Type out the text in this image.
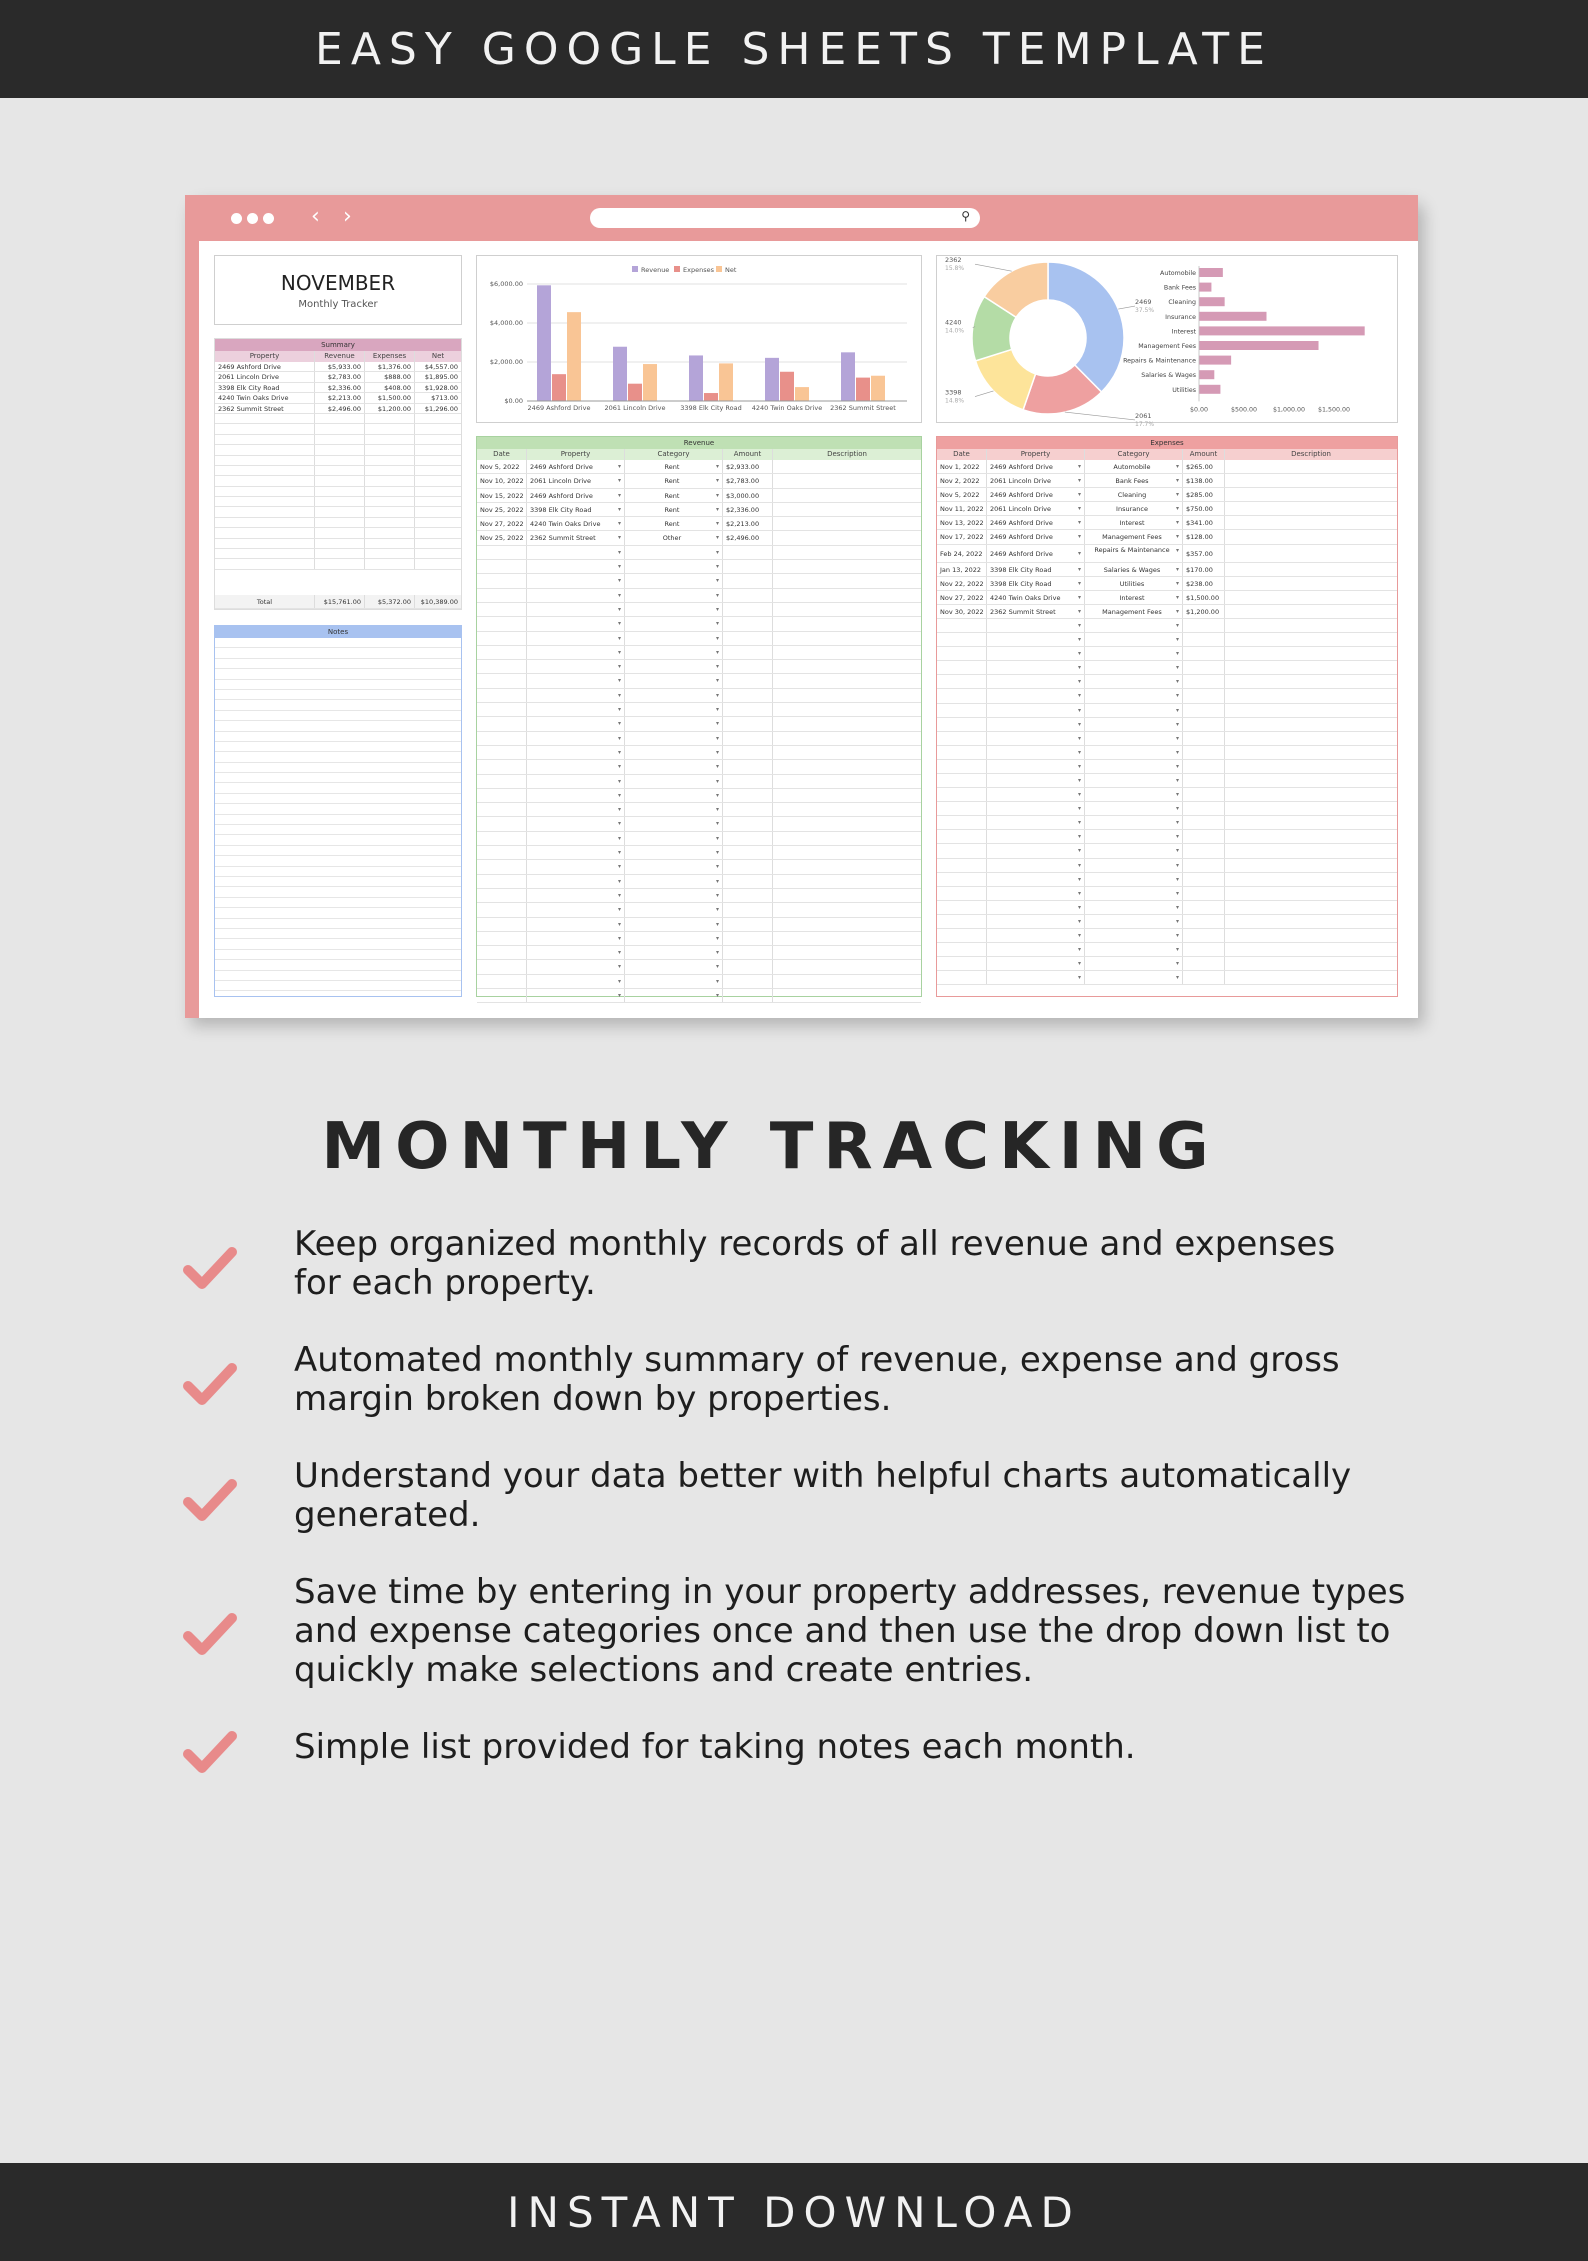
EASY GOOGLE SHEETS TEMPLATE
‹ ›	⚲
NOVEMBER
Monthly Tracker
Summary
Property	Revenue	Expenses	Net
2469 Ashford Drive	$5,933.00	$1,376.00	$4,557.00
2061 Lincoln Drive	$2,783.00	$888.00	$1,895.00
3398 Elk City Road	$2,336.00	$408.00	$1,928.00
4240 Twin Oaks Drive	$2,213.00	$1,500.00	$713.00
2362 Summit Street	$2,496.00	$1,200.00	$1,296.00
Total	$15,761.00	$5,372.00	$10,389.00
Notes
Revenue Expenses Net
$6,000.00
$4,000.00
$2,000.00
$0.00
2469 Ashford Drive 2061 Lincoln Drive 3398 Elk City Road 4240 Twin Oaks Drive 2362 Summit Street
2469
37.5%
2061
17.7%
3398
14.8%
4240
14.0%
2362
15.8%
Automobile
Bank Fees
Cleaning
Insurance
Interest
Management Fees
Repairs & Maintenance
Salaries & Wages
Utilities
$0.00	$500.00	$1,000.00 $1,500.00
Revenue
Date	Property	Category	Amount	Description
Nov 5, 2022	2469 Ashford Drive	▾	Rent	▾	$2,933.00
Nov 10, 2022 2061 Lincoln Drive	▾	Rent	▾	$2,783.00
Nov 15, 2022 2469 Ashford Drive	▾	Rent	▾	$3,000.00
Nov 25, 2022 3398 Elk City Road	▾	Rent	▾	$2,336.00
Nov 27, 2022 4240 Twin Oaks Drive	▾	Rent	▾	$2,213.00
Nov 25, 2022 2362 Summit Street	▾	Other	▾	$2,496.00
▾	▾
▾	▾
▾	▾
▾	▾
▾	▾
▾	▾
▾	▾
▾	▾
▾	▾
▾	▾
▾	▾
▾	▾
▾	▾
▾	▾
▾	▾
▾	▾
▾	▾
▾	▾
▾	▾
▾	▾
▾	▾
▾	▾
▾	▾
▾	▾
▾	▾
▾	▾
▾	▾
▾	▾
▾	▾
▾	▾
▾	▾
▾	▾
Expenses
Date	Property	Category	Amount	Description
Nov 1, 2022	2469 Ashford Drive	▾	Automobile	▾	$265.00
Nov 2, 2022	2061 Lincoln Drive	▾	Bank Fees	▾	$138.00
Nov 5, 2022	2469 Ashford Drive	▾	Cleaning	▾	$285.00
Nov 11, 2022 2061 Lincoln Drive	▾	Insurance	▾	$750.00
Nov 13, 2022 2469 Ashford Drive	▾	Interest	▾	$341.00
Nov 17, 2022 2469 Ashford Drive	▾	Management Fees ▾	$128.00
Feb 24, 2022	2469 Ashford Drive	▾	Repairs & Maintenance ▾	$357.00
Jan 13, 2022	3398 Elk City Road	▾	Salaries & Wages	▾	$170.00
Nov 22, 2022 3398 Elk City Road	▾	Utilities	▾	$238.00
Nov 27, 2022 4240 Twin Oaks Drive	▾	Interest	▾	$1,500.00
Nov 30, 2022 2362 Summit Street	▾	Management Fees ▾	$1,200.00
▾	▾
▾	▾
▾	▾
▾	▾
▾	▾
▾	▾
▾	▾
▾	▾
▾	▾
▾	▾
▾	▾
▾	▾
▾	▾
▾	▾
▾	▾
▾	▾
▾	▾
▾	▾
▾	▾
▾	▾
▾	▾
▾	▾
▾	▾
▾	▾
▾	▾
▾	▾
MONTHLY TRACKING
Keep organized monthly records of all revenue and expenses
for each property.
Automated monthly summary of revenue, expense and gross
margin broken down by properties.
Understand your data better with helpful charts automatically
generated.
Save time by entering in your property addresses, revenue types
and expense categories once and then use the drop down list to
quickly make selections and create entries.
Simple list provided for taking notes each month.
INSTANT DOWNLOAD
